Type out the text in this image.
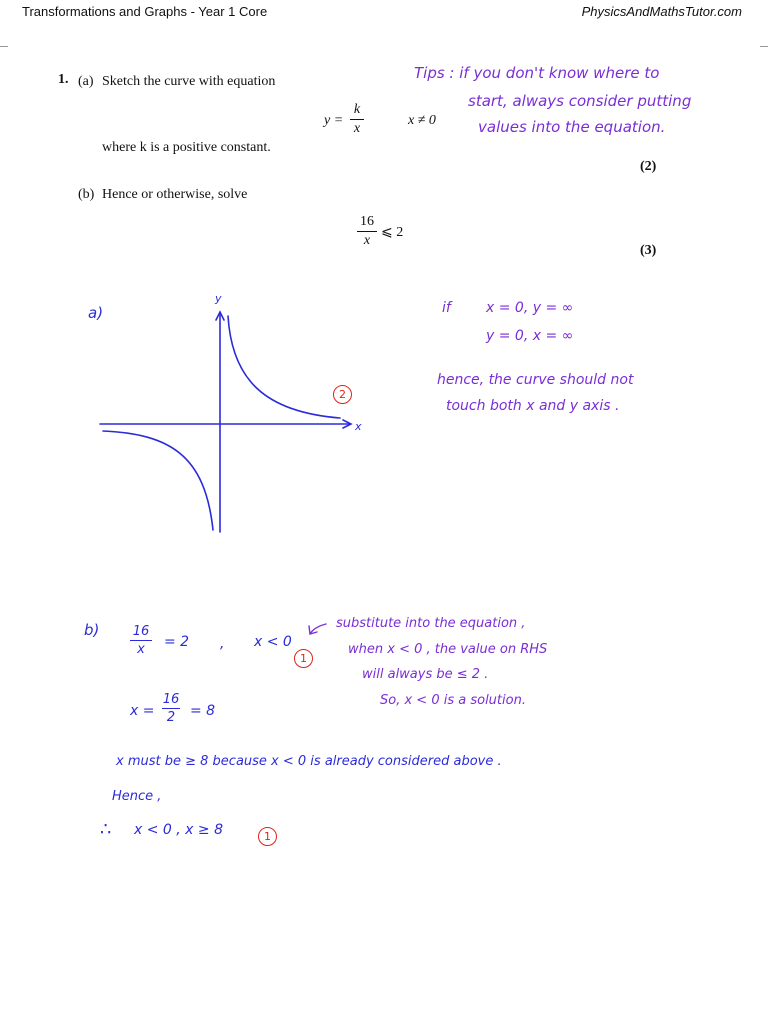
Transformations and Graphs - Year 1 Core	PhysicsAndMathsTutor.com
1. (a) Sketch the curve with equation
y =
k
x
x ≠ 0
where k is a positive constant.
(2)
(b) Hence or otherwise, solve
16
x
⩽ 2
(3)
Tips : if you don't know where to
start, always consider putting
values into the equation.
a)
y
x
2
if	x = 0, y = ∞
y = 0, x = ∞
hence, the curve should not
touch both x and y axis .
b)	16
x	= 2 , x < 0
1
substitute into the equation ,
when x < 0 , the value on RHS
will always be ≤ 2 .
So, x < 0 is a solution.
x =
16
2	= 8
x must be ≥ 8 because x < 0 is already considered above .
Hence ,
∴ x < 0 , x ≥ 8	1
